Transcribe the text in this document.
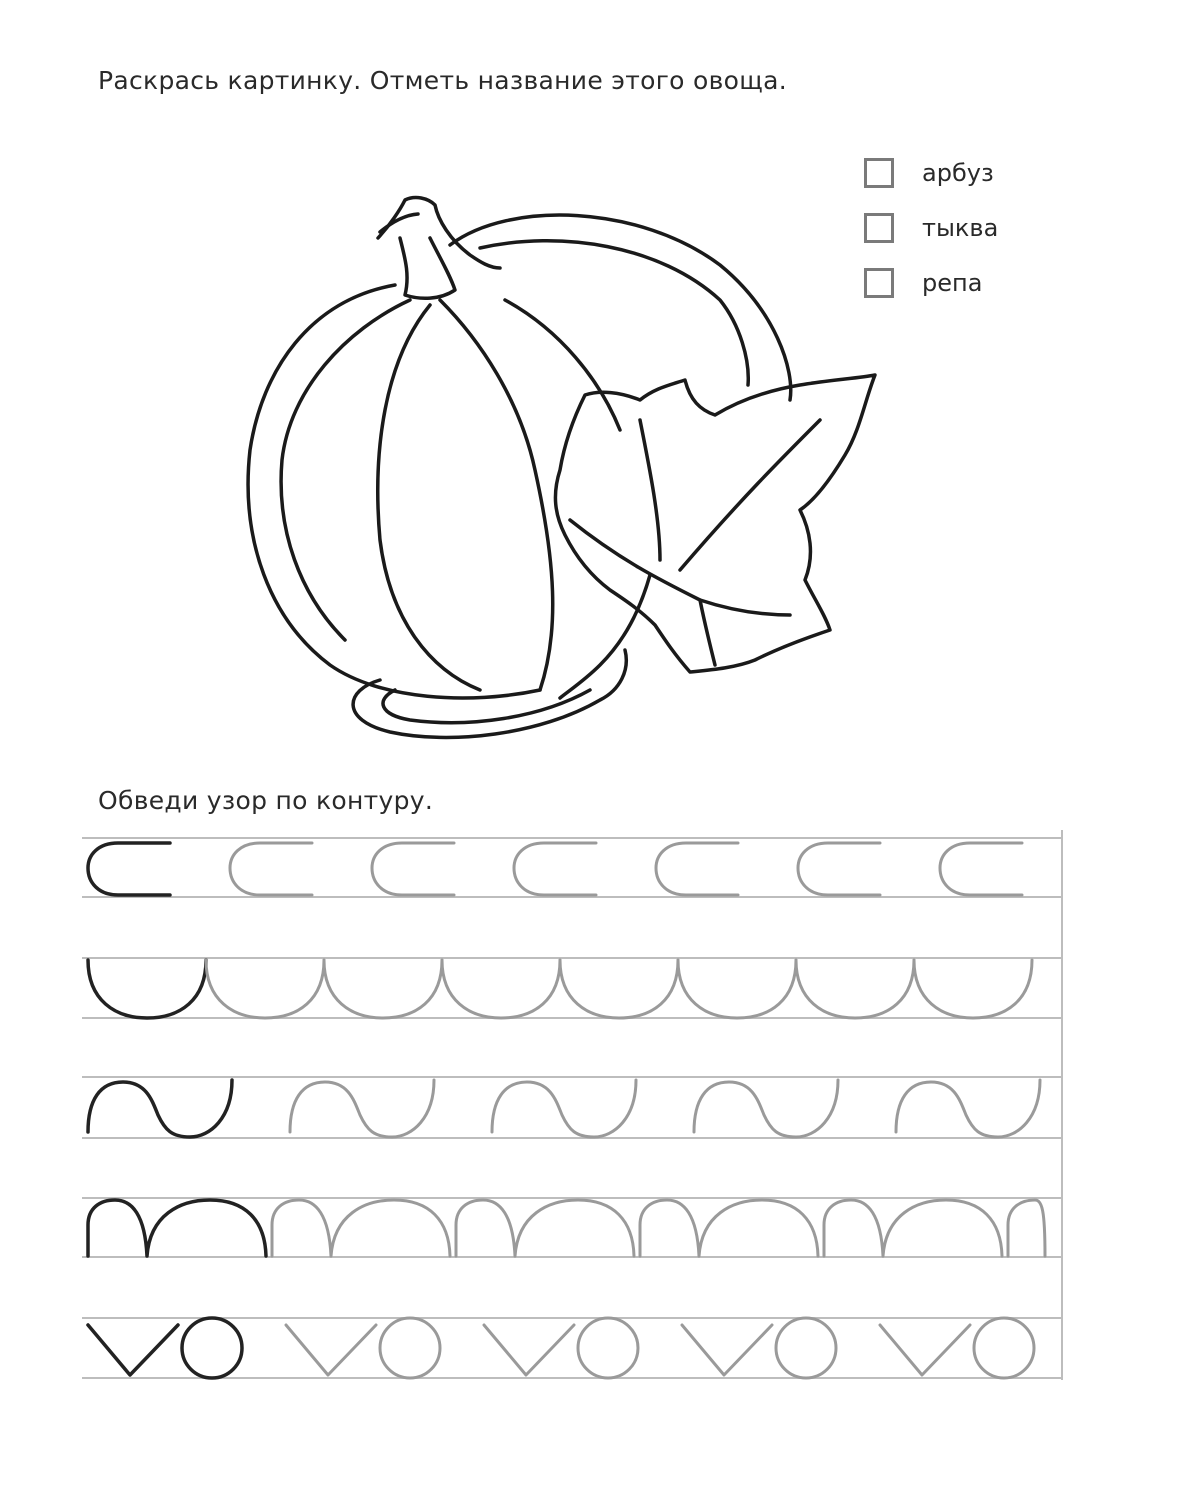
Раскрась картинку. Отметь название этого овоща.
арбуз
тыква
репа
Обведи узор по контуру.
